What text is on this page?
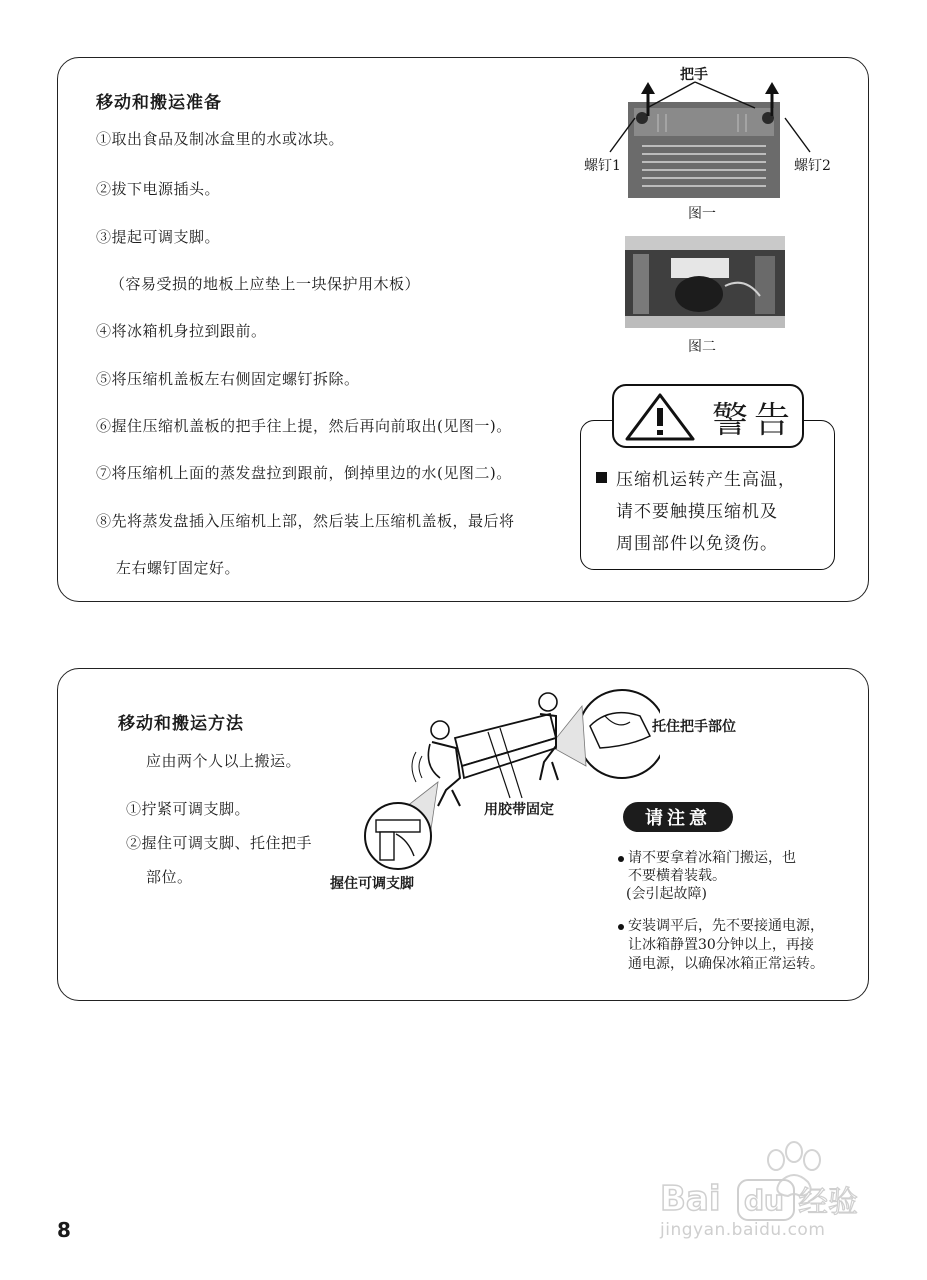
移动和搬运准备
①取出食品及制冰盒里的水或冰块。
②拔下电源插头。
③提起可调支脚。
（容易受损的地板上应垫上一块保护用木板）
④将冰箱机身拉到跟前。
⑤将压缩机盖板左右侧固定螺钉拆除。
⑥握住压缩机盖板的把手往上提，然后再向前取出(见图一)。
⑦将压缩机上面的蒸发盘拉到跟前，倒掉里边的水(见图二)。
⑧先将蒸发盘插入压缩机上部，然后装上压缩机盖板，最后将
左右螺钉固定好。
把手
螺钉1	螺钉2
图一
图二
警告
压缩机运转产生高温，
请不要触摸压缩机及
周围部件以免烫伤。
移动和搬运方法
应由两个人以上搬运。
①拧紧可调支脚。
②握住可调支脚、托住把手
部位。
托住把手部位
用胶带固定
握住可调支脚
请注意
请不要拿着冰箱门搬运，也
不要横着装载。
(会引起故障)
安装调平后，先不要接通电源，
让冰箱静置30分钟以上，再接
通电源，以确保冰箱正常运转。
8
Bai du 经验
jingyan.baidu.com
